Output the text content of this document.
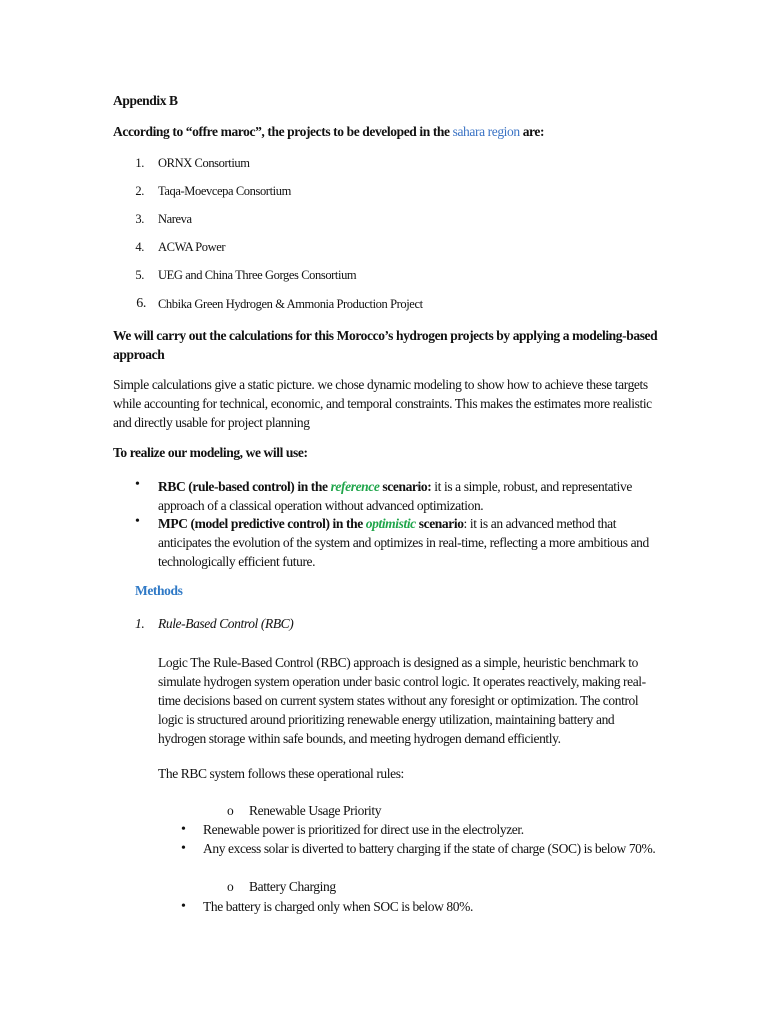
Appendix B
According to “offre maroc”, the projects to be developed in the sahara region are:
1. ORNX Consortium
2. Taqa-Moevcepa Consortium
3. Nareva
4. ACWA Power
5. UEG and China Three Gorges Consortium
6. Chbika Green Hydrogen & Ammonia Production Project
We will carry out the calculations for this Morocco’s hydrogen projects by applying a modeling-based approach
Simple calculations give a static picture. we chose dynamic modeling to show how to achieve these targets while accounting for technical, economic, and temporal constraints. This makes the estimates more realistic and directly usable for project planning
To realize our modeling, we will use:
• RBC (rule-based control) in the reference scenario: it is a simple, robust, and representative approach of a classical operation without advanced optimization.
• MPC (model predictive control) in the optimistic scenario: it is an advanced method that anticipates the evolution of the system and optimizes in real-time, reflecting a more ambitious and technologically efficient future.
Methods
1. Rule-Based Control (RBC)
Logic The Rule-Based Control (RBC) approach is designed as a simple, heuristic benchmark to simulate hydrogen system operation under basic control logic. It operates reactively, making real-time decisions based on current system states without any foresight or optimization. The control logic is structured around prioritizing renewable energy utilization, maintaining battery and hydrogen storage within safe bounds, and meeting hydrogen demand efficiently.
The RBC system follows these operational rules:
o Renewable Usage Priority
• Renewable power is prioritized for direct use in the electrolyzer.
• Any excess solar is diverted to battery charging if the state of charge (SOC) is below 70%.
o Battery Charging
• The battery is charged only when SOC is below 80%.
